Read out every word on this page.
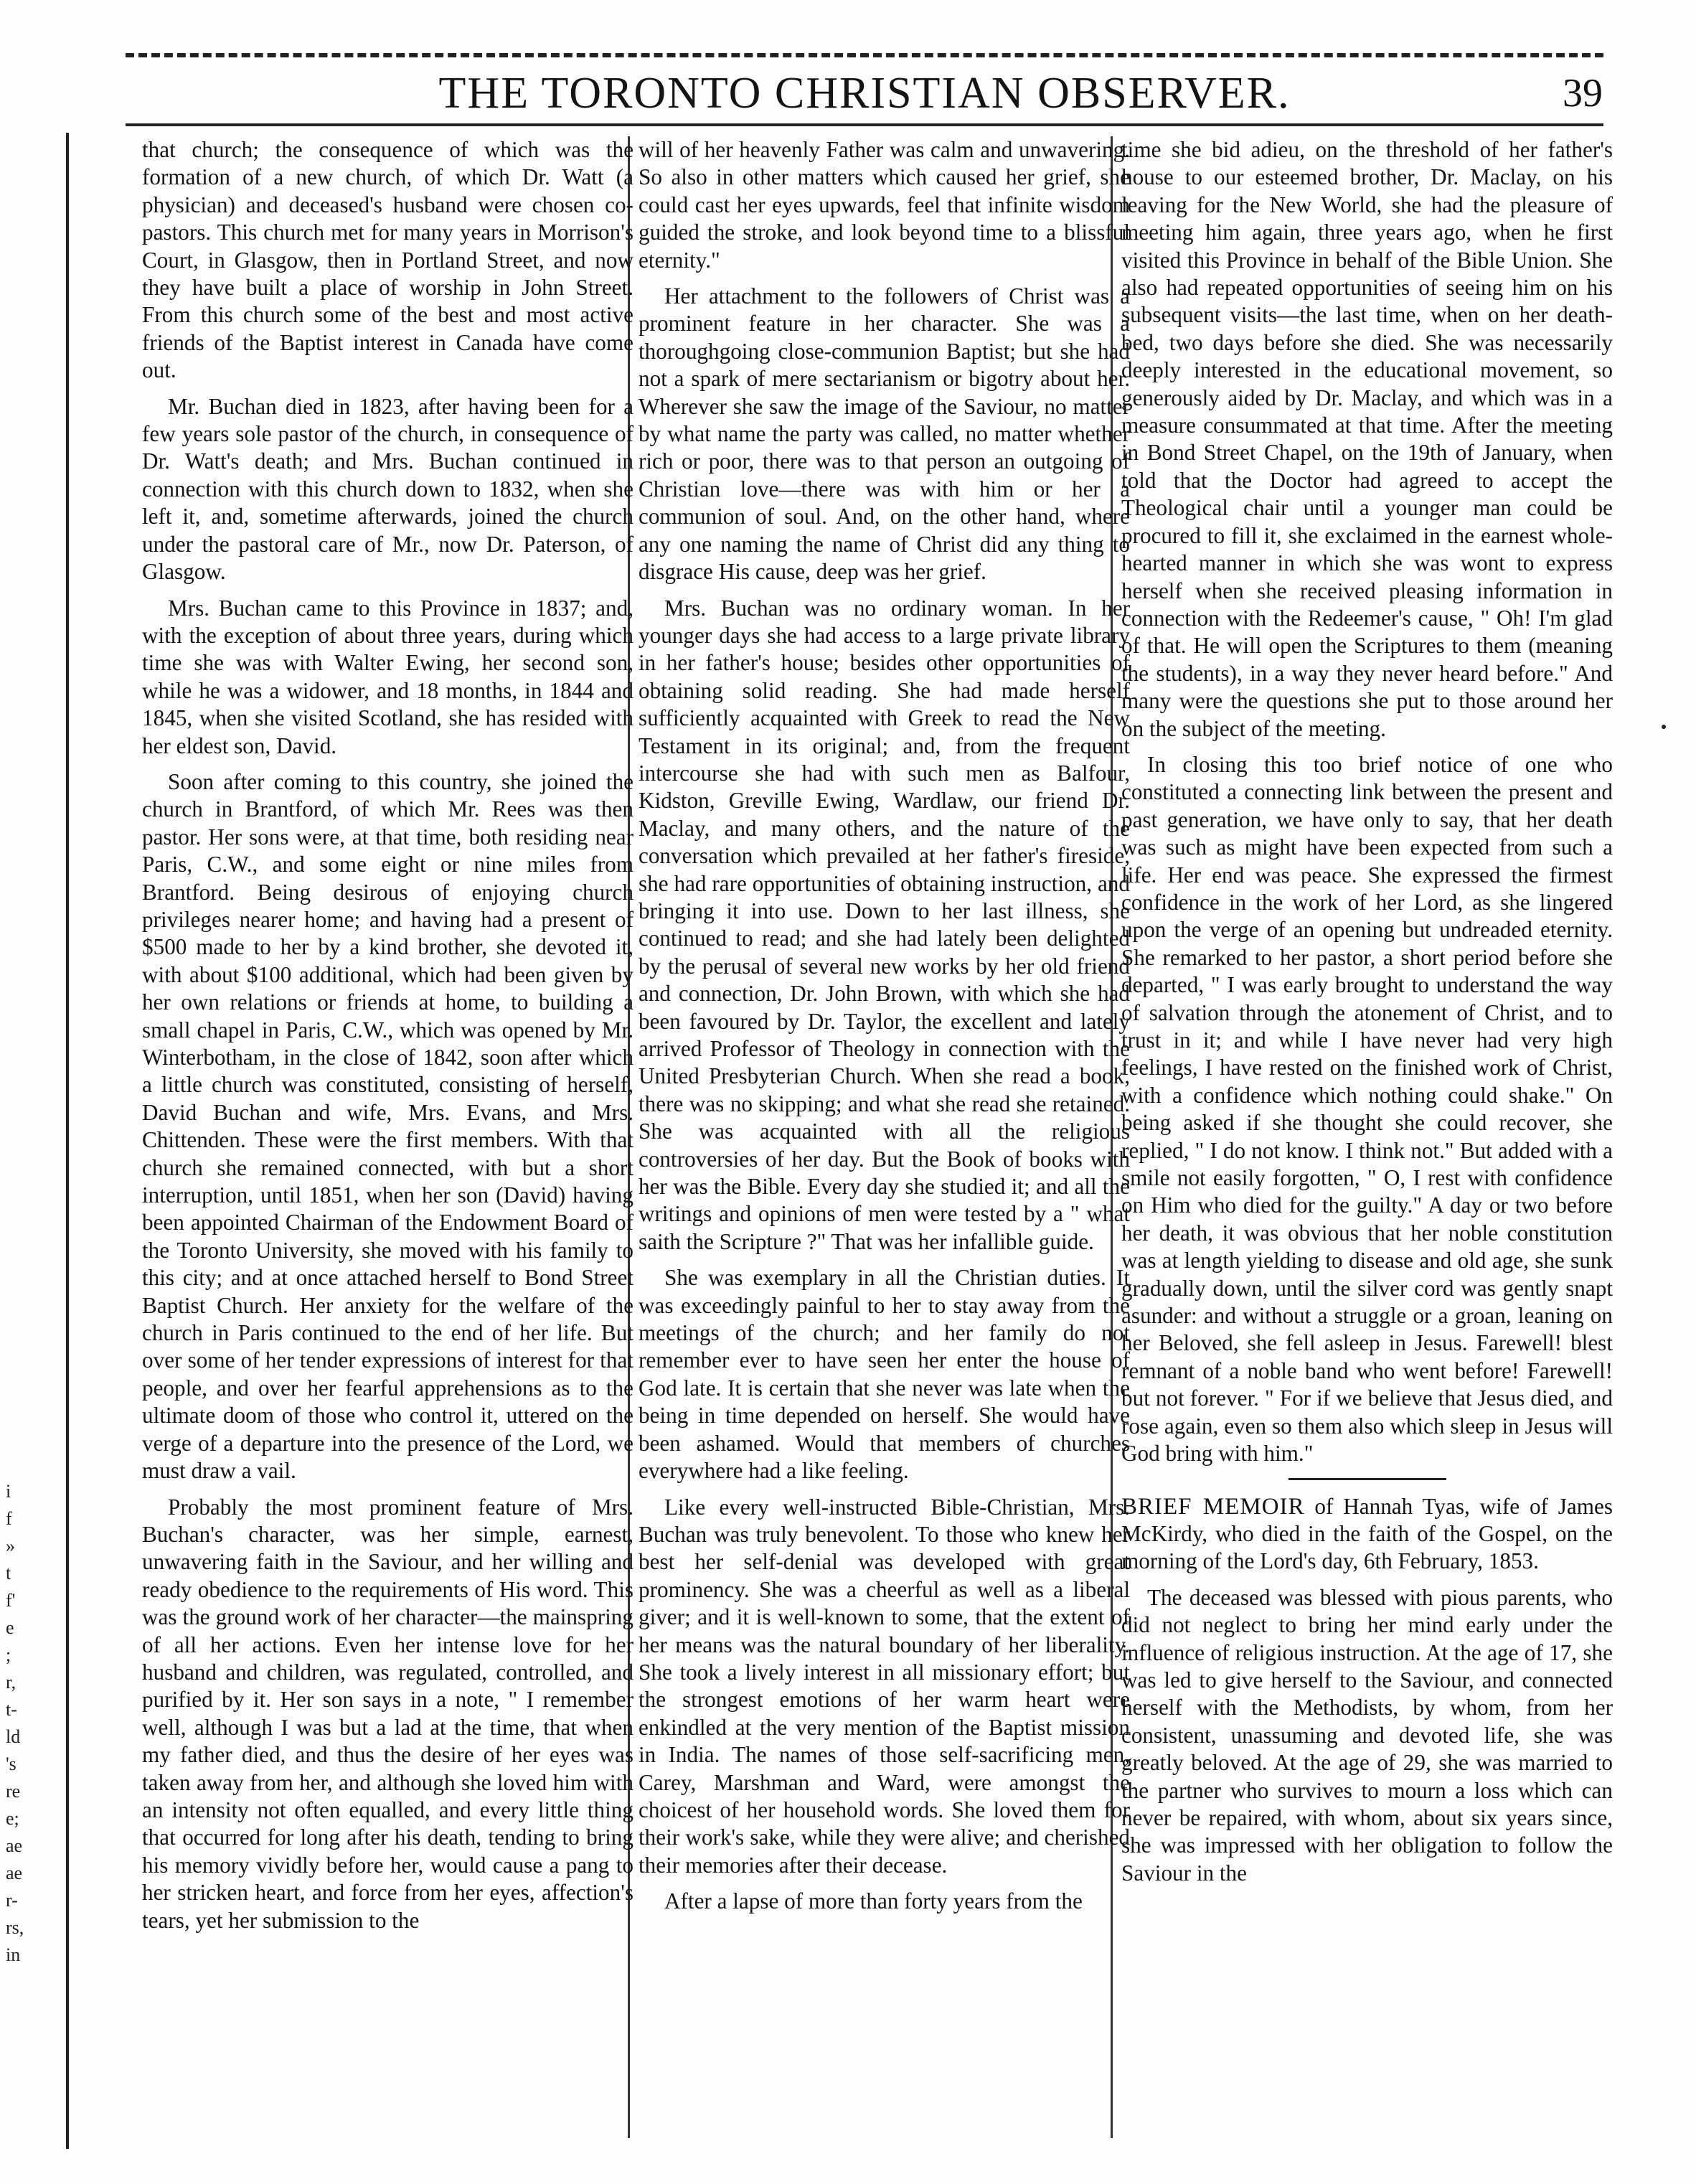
THE TORONTO CHRISTIAN OBSERVER.	39
i
f
»
t
f'
e
;
r,
t-
ld
's
re
e;
ae
ae
r-
rs,
in

that church; the consequence of which was the formation of a new church, of which Dr. Watt (a physician) and deceased's husband were chosen co-pastors. This church met for many years in Morrison's Court, in Glasgow, then in Portland Street, and now they have built a place of worship in John Street. From this church some of the best and most active friends of the Baptist interest in Canada have come out.

Mr. Buchan died in 1823, after having been for a few years sole pastor of the church, in consequence of Dr. Watt's death; and Mrs. Buchan continued in connection with this church down to 1832, when she left it, and, sometime afterwards, joined the church under the pastoral care of Mr., now Dr. Paterson, of Glasgow.

Mrs. Buchan came to this Province in 1837; and, with the exception of about three years, during which time she was with Walter Ewing, her second son, while he was a widower, and 18 months, in 1844 and 1845, when she visited Scotland, she has resided with her eldest son, David.

Soon after coming to this country, she joined the church in Brantford, of which Mr. Rees was then pastor. Her sons were, at that time, both residing near Paris, C.W., and some eight or nine miles from Brantford. Being desirous of enjoying church privileges nearer home; and having had a present of $500 made to her by a kind brother, she devoted it, with about $100 additional, which had been given by her own relations or friends at home, to building a small chapel in Paris, C.W., which was opened by Mr. Winterbotham, in the close of 1842, soon after which a little church was constituted, consisting of herself, David Buchan and wife, Mrs. Evans, and Mrs. Chittenden. These were the first members. With that church she remained connected, with but a short interruption, until 1851, when her son (David) having been appointed Chairman of the Endowment Board of the Toronto University, she moved with his family to this city; and at once attached herself to Bond Street Baptist Church. Her anxiety for the welfare of the church in Paris continued to the end of her life. But over some of her tender expressions of interest for that people, and over her fearful apprehensions as to the ultimate doom of those who control it, uttered on the verge of a departure into the presence of the Lord, we must draw a vail.

Probably the most prominent feature of Mrs. Buchan's character, was her simple, earnest, unwavering faith in the Saviour, and her willing and ready obedience to the requirements of His word. This was the ground work of her character—the mainspring of all her actions. Even her intense love for her husband and children, was regulated, controlled, and purified by it. Her son says in a note, " I remember well, although I was but a lad at the time, that when my father died, and thus the desire of her eyes was taken away from her, and although she loved him with an intensity not often equalled, and every little thing that occurred for long after his death, tending to bring his memory vividly before her, would cause a pang to her stricken heart, and force from her eyes, affection's tears, yet her submission to the

will of her heavenly Father was calm and unwavering. So also in other matters which caused her grief, she could cast her eyes upwards, feel that infinite wisdom guided the stroke, and look beyond time to a blissful eternity."

Her attachment to the followers of Christ was a prominent feature in her character. She was a thoroughgoing close-communion Baptist; but she had not a spark of mere sectarianism or bigotry about her. Wherever she saw the image of the Saviour, no matter by what name the party was called, no matter whether rich or poor, there was to that person an outgoing of Christian love—there was with him or her a communion of soul. And, on the other hand, where any one naming the name of Christ did any thing to disgrace His cause, deep was her grief.

Mrs. Buchan was no ordinary woman. In her younger days she had access to a large private library in her father's house; besides other opportunities of obtaining solid reading. She had made herself sufficiently acquainted with Greek to read the New Testament in its original; and, from the frequent intercourse she had with such men as Balfour, Kidston, Greville Ewing, Wardlaw, our friend Dr. Maclay, and many others, and the nature of the conversation which prevailed at her father's fireside, she had rare opportunities of obtaining instruction, and bringing it into use. Down to her last illness, she continued to read; and she had lately been delighted by the perusal of several new works by her old friend and connection, Dr. John Brown, with which she had been favoured by Dr. Taylor, the excellent and lately arrived Professor of Theology in connection with the United Presbyterian Church. When she read a book, there was no skipping; and what she read she retained. She was acquainted with all the religious controversies of her day. But the Book of books with her was the Bible. Every day she studied it; and all the writings and opinions of men were tested by a " what saith the Scripture ?" That was her infallible guide.

She was exemplary in all the Christian duties. It was exceedingly painful to her to stay away from the meetings of the church; and her family do not remember ever to have seen her enter the house of God late. It is certain that she never was late when the being in time depended on herself. She would have been ashamed. Would that members of churches everywhere had a like feeling.

Like every well-instructed Bible-Christian, Mrs. Buchan was truly benevolent. To those who knew her best her self-denial was developed with great prominency. She was a cheerful as well as a liberal giver; and it is well-known to some, that the extent of her means was the natural boundary of her liberality. She took a lively interest in all missionary effort; but the strongest emotions of her warm heart were enkindled at the very mention of the Baptist mission in India. The names of those self-sacrificing men, Carey, Marshman and Ward, were amongst the choicest of her household words. She loved them for their work's sake, while they were alive; and cherished their memories after their decease.

After a lapse of more than forty years from the

time she bid adieu, on the threshold of her father's house to our esteemed brother, Dr. Maclay, on his leaving for the New World, she had the pleasure of meeting him again, three years ago, when he first visited this Province in behalf of the Bible Union. She also had repeated opportunities of seeing him on his subsequent visits—the last time, when on her death-bed, two days before she died. She was necessarily deeply interested in the educational movement, so generously aided by Dr. Maclay, and which was in a measure consummated at that time. After the meeting in Bond Street Chapel, on the 19th of January, when told that the Doctor had agreed to accept the Theological chair until a younger man could be procured to fill it, she exclaimed in the earnest whole-hearted manner in which she was wont to express herself when she received pleasing information in connection with the Redeemer's cause, " Oh! I'm glad of that. He will open the Scriptures to them (meaning the students), in a way they never heard before." And many were the questions she put to those around her on the subject of the meeting.

In closing this too brief notice of one who constituted a connecting link between the present and past generation, we have only to say, that her death was such as might have been expected from such a life. Her end was peace. She expressed the firmest confidence in the work of her Lord, as she lingered upon the verge of an opening but undreaded eternity. She remarked to her pastor, a short period before she departed, " I was early brought to understand the way of salvation through the atonement of Christ, and to trust in it; and while I have never had very high feelings, I have rested on the finished work of Christ, with a confidence which nothing could shake." On being asked if she thought she could recover, she replied, " I do not know. I think not." But added with a smile not easily forgotten, " O, I rest with confidence on Him who died for the guilty." A day or two before her death, it was obvious that her noble constitution was at length yielding to disease and old age, she sunk gradually down, until the silver cord was gently snapt asunder: and without a struggle or a groan, leaning on her Beloved, she fell asleep in Jesus. Farewell! blest remnant of a noble band who went before! Farewell! but not forever. " For if we believe that Jesus died, and rose again, even so them also which sleep in Jesus will God bring with him."

BRIEF MEMOIR of Hannah Tyas, wife of James McKirdy, who died in the faith of the Gospel, on the morning of the Lord's day, 6th February, 1853.

The deceased was blessed with pious parents, who did not neglect to bring her mind early under the influence of religious instruction. At the age of 17, she was led to give herself to the Saviour, and connected herself with the Methodists, by whom, from her consistent, unassuming and devoted life, she was greatly beloved. At the age of 29, she was married to the partner who survives to mourn a loss which can never be repaired, with whom, about six years since, she was impressed with her obligation to follow the Saviour in the
